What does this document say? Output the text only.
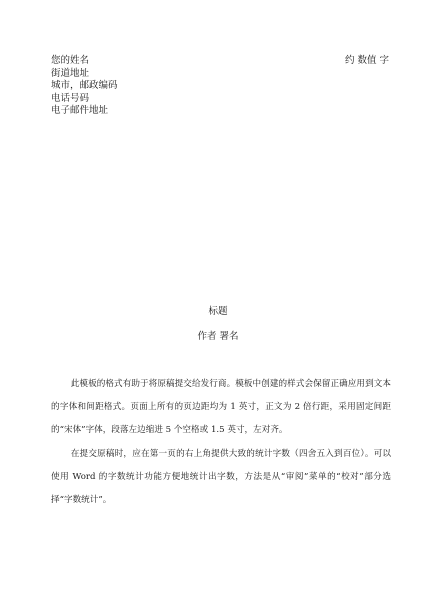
您的姓名
街道地址
城市，邮政编码
电话号码
电子邮件地址
约 数值 字
标题
作者 署名

此模板的格式有助于将原稿提交给发行商。模板中创建的样式会保留正确应用到文本的字体和间距格式。页面上所有的页边距均为 1 英寸，正文为 2 倍行距，采用固定间距的“宋体”字体，段落左边缩进 5 个空格或 1.5 英寸，左对齐。

在提交原稿时，应在第一页的右上角提供大致的统计字数（四舍五入到百位）。可以使用 Word 的字数统计功能方便地统计出字数，方法是从“审阅”菜单的“校对”部分选择“字数统计”。
